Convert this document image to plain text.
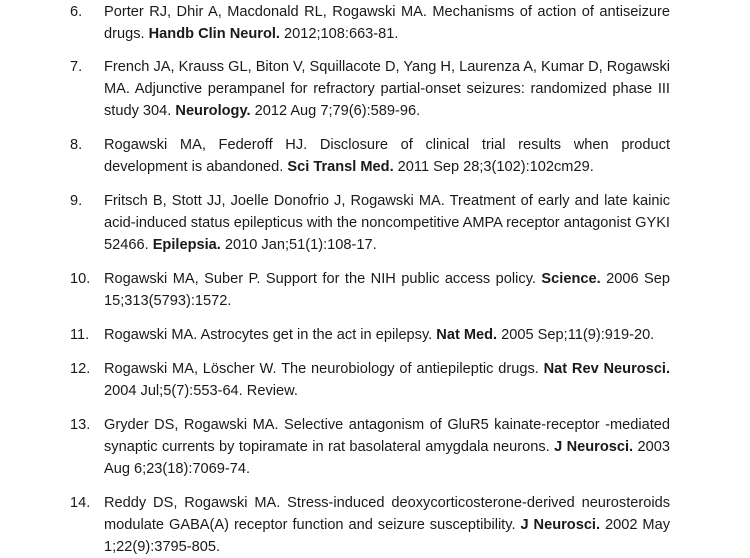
6.	Porter RJ, Dhir A, Macdonald RL, Rogawski MA. Mechanisms of action of antiseizure drugs. Handb Clin Neurol. 2012;108:663-81.
7.	French JA, Krauss GL, Biton V, Squillacote D, Yang H, Laurenza A, Kumar D, Rogawski MA. Adjunctive perampanel for refractory partial-onset seizures: randomized phase III study 304. Neurology. 2012 Aug 7;79(6):589-96.
8.	Rogawski MA, Federoff HJ. Disclosure of clinical trial results when product development is abandoned. Sci Transl Med. 2011 Sep 28;3(102):102cm29.
9.	Fritsch B, Stott JJ, Joelle Donofrio J, Rogawski MA. Treatment of early and late kainic acid-induced status epilepticus with the noncompetitive AMPA receptor antagonist GYKI 52466. Epilepsia. 2010 Jan;51(1):108-17.
10. Rogawski MA, Suber P. Support for the NIH public access policy. Science. 2006 Sep 15;313(5793):1572.
11.	Rogawski MA. Astrocytes get in the act in epilepsy. Nat Med. 2005 Sep;11(9):919-20.
12. Rogawski MA, Löscher W. The neurobiology of antiepileptic drugs. Nat Rev Neurosci. 2004 Jul;5(7):553-64. Review.
13. Gryder DS, Rogawski MA. Selective antagonism of GluR5 kainate-receptor -mediated synaptic currents by topiramate in rat basolateral amygdala neurons. J Neurosci. 2003 Aug 6;23(18):7069-74.
14. Reddy DS, Rogawski MA. Stress-induced deoxycorticosterone-derived neurosteroids modulate GABA(A) receptor function and seizure susceptibility. J Neurosci. 2002 May 1;22(9):3795-805.
